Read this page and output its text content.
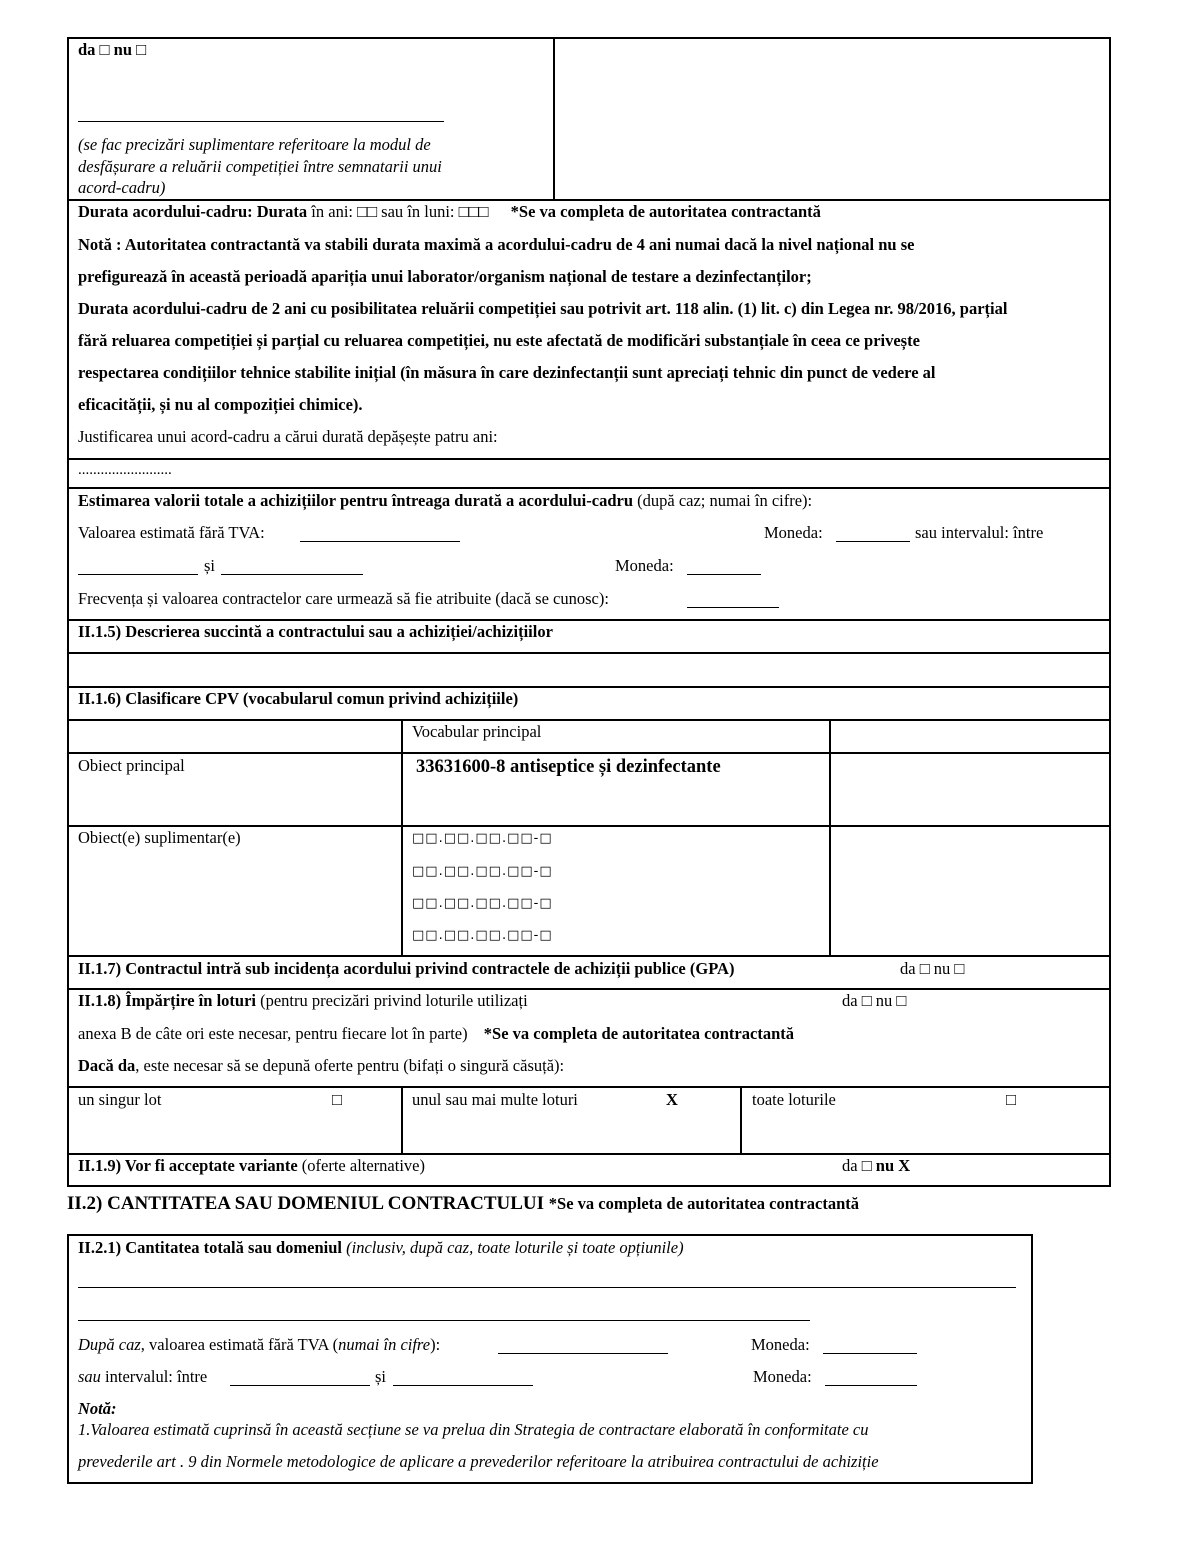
da □ nu □
(se fac precizări suplimentare referitoare la modul de
desfășurare a reluării competiției între semnatarii unui
acord-cadru)
Durata acordului-cadru: Durata în ani: □□ sau în luni: □□□ *Se va completa de autoritatea contractantă
Notă : Autoritatea contractantă va stabili durata maximă a acordului-cadru de 4 ani numai dacă la nivel național nu se
prefigurează în această perioadă apariția unui laborator/organism național de testare a dezinfectanților;
Durata acordului-cadru de 2 ani cu posibilitatea reluării competiției sau potrivit art. 118 alin. (1) lit. c) din Legea nr. 98/2016, parțial
fără reluarea competiției și parțial cu reluarea competiției, nu este afectată de modificări substanțiale în ceea ce privește
respectarea condițiilor tehnice stabilite inițial (în măsura în care dezinfectanții sunt apreciați tehnic din punct de vedere al
eficacității, și nu al compoziției chimice).
Justificarea unui acord-cadru a cărui durată depășește patru ani:
.........................
Estimarea valorii totale a achizițiilor pentru întreaga durată a acordului-cadru (după caz; numai în cifre):
Valoarea estimată fără TVA:	Moneda:	sau intervalul: între
și	Moneda:
Frecvența și valoarea contractelor care urmează să fie atribuite (dacă se cunosc):
II.1.5) Descrierea succintă a contractului sau a achiziției/achizițiilor
II.1.6) Clasificare CPV (vocabularul comun privind achizițiile)
Vocabular principal
Obiect principal	33631600-8 antiseptice și dezinfectante
Obiect(e) suplimentar(e)	□□.□□.□□.□□-□
□□.□□.□□.□□-□
□□.□□.□□.□□-□
□□.□□.□□.□□-□
II.1.7) Contractul intră sub incidența acordului privind contractele de achiziții publice (GPA)	da □ nu □
II.1.8) Împărțire în loturi (pentru precizări privind loturile utilizați	da □ nu □
anexa B de câte ori este necesar, pentru fiecare lot în parte) *Se va completa de autoritatea contractantă
Dacă da, este necesar să se depună oferte pentru (bifați o singură căsuță):
un singur lot	□	unul sau mai multe loturi	X	toate loturile	□
II.1.9) Vor fi acceptate variante (oferte alternative)	da □ nu X
II.2) CANTITATEA SAU DOMENIUL CONTRACTULUI *Se va completa de autoritatea contractantă
II.2.1) Cantitatea totală sau domeniul (inclusiv, după caz, toate loturile și toate opțiunile)
După caz, valoarea estimată fără TVA (numai în cifre):	Moneda:
sau intervalul: între	și	Moneda:
Notă:
1.Valoarea estimată cuprinsă în această secțiune se va prelua din Strategia de contractare elaborată în conformitate cu
prevederile art . 9 din Normele metodologice de aplicare a prevederilor referitoare la atribuirea contractului de achiziție
